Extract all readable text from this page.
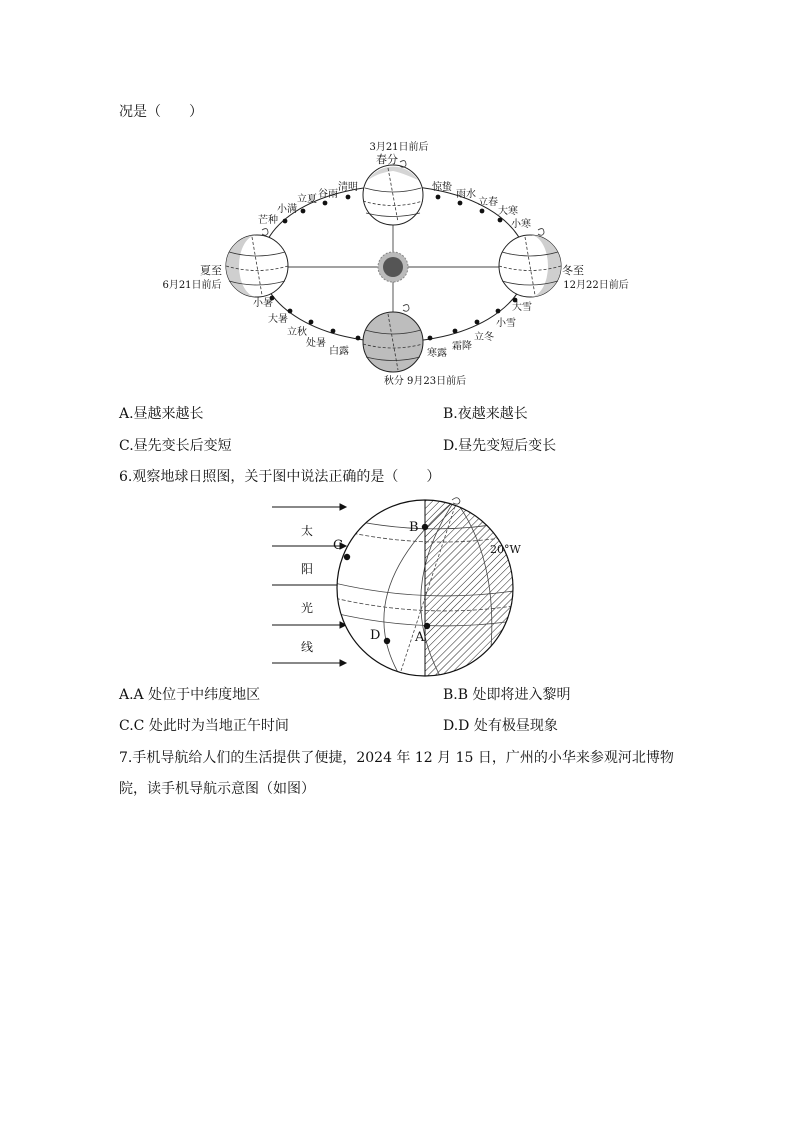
况是（　　）
3月21日前后
春分
夏至
6月21日前后
冬至
12月22日前后
秋分 9月23日前后
清明
谷雨
立夏
小满
芒种
惊蛰
雨水
立春
大寒
小寒
小暑
大暑
立秋
处暑
白露	寒露
霜降
立冬
小雪
大雪
A.昼越来越长	B.夜越来越长
C.昼先变长后变短	D.昼先变短后变长
6.观察地球日照图，关于图中说法正确的是（　　）
太
阳
光
线
B
C
D	A
20°W
A.A 处位于中纬度地区	B.B 处即将进入黎明
C.C 处此时为当地正午时间	D.D 处有极昼现象
7.手机导航给人们的生活提供了便捷，2024 年 12 月 15 日，广州的小华来参观河北博物
院，读手机导航示意图（如图）
